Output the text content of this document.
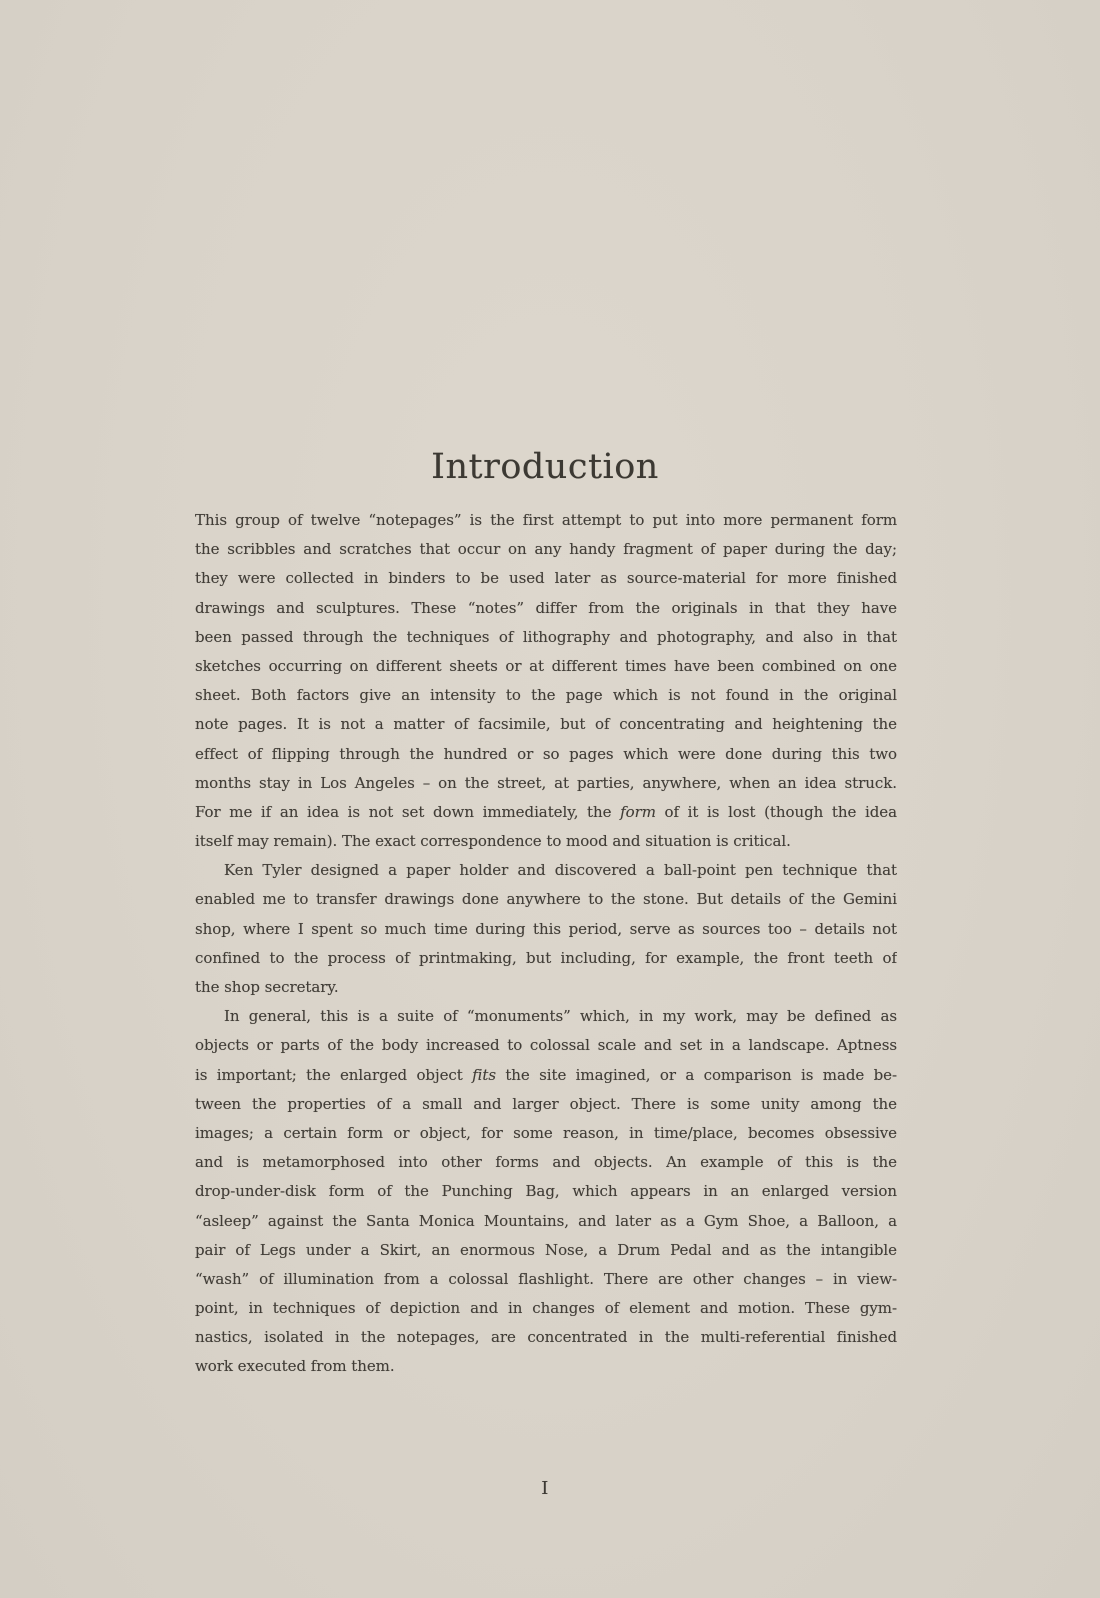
Introduction
This group of twelve “notepages” is the first attempt to put into more permanent form
the scribbles and scratches that occur on any handy fragment of paper during the day;
they were collected in binders to be used later as source-material for more finished
drawings and sculptures. These “notes” differ from the originals in that they have
been passed through the techniques of lithography and photography, and also in that
sketches occurring on different sheets or at different times have been combined on one
sheet. Both factors give an intensity to the page which is not found in the original
note pages. It is not a matter of facsimile, but of concentrating and heightening the
effect of flipping through the hundred or so pages which were done during this two
months stay in Los Angeles – on the street, at parties, anywhere, when an idea struck.
For me if an idea is not set down immediately, the form of it is lost (though the idea
itself may remain). The exact correspondence to mood and situation is critical.
Ken Tyler designed a paper holder and discovered a ball-point pen technique that
enabled me to transfer drawings done anywhere to the stone. But details of the Gemini
shop, where I spent so much time during this period, serve as sources too – details not
confined to the process of printmaking, but including, for example, the front teeth of
the shop secretary.
In general, this is a suite of “monuments” which, in my work, may be defined as
objects or parts of the body increased to colossal scale and set in a landscape. Aptness
is important; the enlarged object fits the site imagined, or a comparison is made be-
tween the properties of a small and larger object. There is some unity among the
images; a certain form or object, for some reason, in time/place, becomes obsessive
and is metamorphosed into other forms and objects. An example of this is the
drop-under-disk form of the Punching Bag, which appears in an enlarged version
“asleep” against the Santa Monica Mountains, and later as a Gym Shoe, a Balloon, a
pair of Legs under a Skirt, an enormous Nose, a Drum Pedal and as the intangible
“wash” of illumination from a colossal flashlight. There are other changes – in view-
point, in techniques of depiction and in changes of element and motion. These gym-
nastics, isolated in the notepages, are concentrated in the multi-referential finished
work executed from them.
I
